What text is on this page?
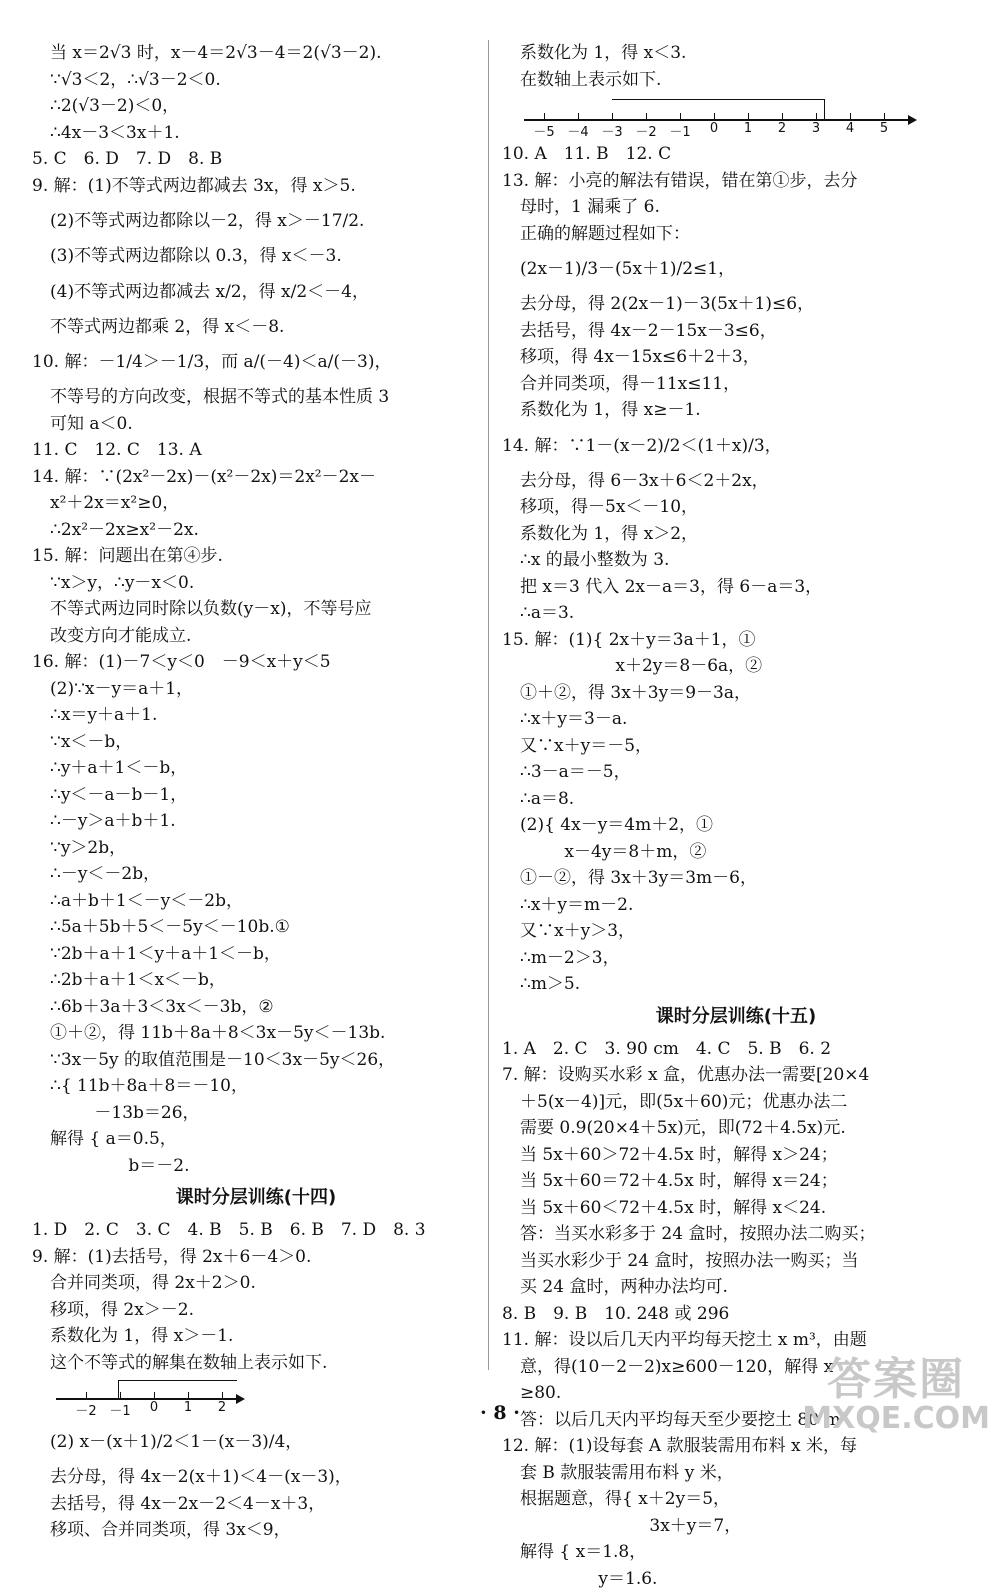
当 x＝2√3 时，x－4＝2√3－4＝2(√3－2).
∵√3＜2，∴√3－2＜0.
∴2(√3－2)＜0，
∴4x－3＜3x＋1.
5. C　6. D　7. D　8. B
9. 解：(1)不等式两边都减去 3x，得 x＞5.
(2)不等式两边都除以－2，得 x＞－17/2.
(3)不等式两边都除以 0.3，得 x＜－3.
(4)不等式两边都减去 x/2，得 x/2＜－4，
不等式两边都乘 2，得 x＜－8.
10. 解：－1/4＞－1/3，而 a/(－4)＜a/(－3)，
不等号的方向改变，根据不等式的基本性质 3
可知 a＜0.
11. C　12. C　13. A
14. 解：∵(2x²－2x)－(x²－2x)＝2x²－2x－
x²＋2x＝x²≥0，
∴2x²－2x≥x²－2x.
15. 解：问题出在第④步.
∵x＞y，∴y－x＜0.
不等式两边同时除以负数(y－x)，不等号应
改变方向才能成立.
16. 解：(1)－7＜y＜0　－9＜x＋y＜5
(2)∵x－y＝a＋1，
∴x＝y＋a＋1.
∵x＜－b，
∴y＋a＋1＜－b，
∴y＜－a－b－1，
∴－y＞a＋b＋1.
∵y＞2b，
∴－y＜－2b，
∴a＋b＋1＜－y＜－2b，
∴5a＋5b＋5＜－5y＜－10b.①
∵2b＋a＋1＜y＋a＋1＜－b，
∴2b＋a＋1＜x＜－b，
∴6b＋3a＋3＜3x＜－3b，②
①＋②，得 11b＋8a＋8＜3x－5y＜－13b.
∵3x－5y 的取值范围是－10＜3x－5y＜26，
∴{ 11b＋8a＋8＝－10，
　 －13b＝26，
解得 { a＝0.5，
　　　 b＝－2.
课时分层训练(十四)
1. D　2. C　3. C　4. B　5. B　6. B　7. D　8. 3
9. 解：(1)去括号，得 2x＋6－4＞0.
合并同类项，得 2x＋2＞0.
移项，得 2x＞－2.
系数化为 1，得 x＞－1.
这个不等式的解集在数轴上表示如下.
－2 －1 0 1 2
(2) x－(x＋1)/2＜1－(x－3)/4，
去分母，得 4x－2(x＋1)＜4－(x－3)，
去括号，得 4x－2x－2＜4－x＋3，
移项、合并同类项，得 3x＜9，
系数化为 1，得 x＜3.
在数轴上表示如下.
－5 －4 －3 －2 －1 0 1 2 3 4 5
10. A　11. B　12. C
13. 解：小亮的解法有错误，错在第①步，去分
母时，1 漏乘了 6.
正确的解题过程如下：
(2x－1)/3－(5x＋1)/2≤1，
去分母，得 2(2x－1)－3(5x＋1)≤6，
去括号，得 4x－2－15x－3≤6，
移项，得 4x－15x≤6＋2＋3，
合并同类项，得－11x≤11，
系数化为 1，得 x≥－1.
14. 解：∵1－(x－2)/2＜(1＋x)/3，
去分母，得 6－3x＋6＜2＋2x，
移项，得－5x＜－10，
系数化为 1，得 x＞2，
∴x 的最小整数为 3.
把 x＝3 代入 2x－a＝3，得 6－a＝3，
∴a＝3.
15. 解：(1){ 2x＋y＝3a＋1，①
　　　　 x＋2y＝8－6a，②
①＋②，得 3x＋3y＝9－3a，
∴x＋y＝3－a.
又∵x＋y＝－5，
∴3－a＝－5，
∴a＝8.
(2){ 4x－y＝4m＋2，①
　 x－4y＝8＋m，②
①－②，得 3x＋3y＝3m－6，
∴x＋y＝m－2.
又∵x＋y＞3，
∴m－2＞3，
∴m＞5.
课时分层训练(十五)
1. A　2. C　3. 90 cm　4. C　5. B　6. 2
7. 解：设购买水彩 x 盒，优惠办法一需要[20×4
＋5(x－4)]元，即(5x＋60)元；优惠办法二
需要 0.9(20×4＋5x)元，即(72＋4.5x)元.
当 5x＋60＞72＋4.5x 时，解得 x＞24；
当 5x＋60＝72＋4.5x 时，解得 x＝24；
当 5x＋60＜72＋4.5x 时，解得 x＜24.
答：当买水彩多于 24 盒时，按照办法二购买；
当买水彩少于 24 盒时，按照办法一购买；当
买 24 盒时，两种办法均可.
8. B　9. B　10. 248 或 296
11. 解：设以后几天内平均每天挖土 x m³，由题
意，得(10－2－2)x≥600－120，解得 x
≥80.
答：以后几天内平均每天至少要挖土 80 m³.
12. 解：(1)设每套 A 款服装需用布料 x 米，每
套 B 款服装需用布料 y 米，
根据题意，得{ x＋2y＝5，
　　　　　　 3x＋y＝7，
解得 { x＝1.8，
　　　 y＝1.6.
· 8 ·
答案圈
MXQE.COM
